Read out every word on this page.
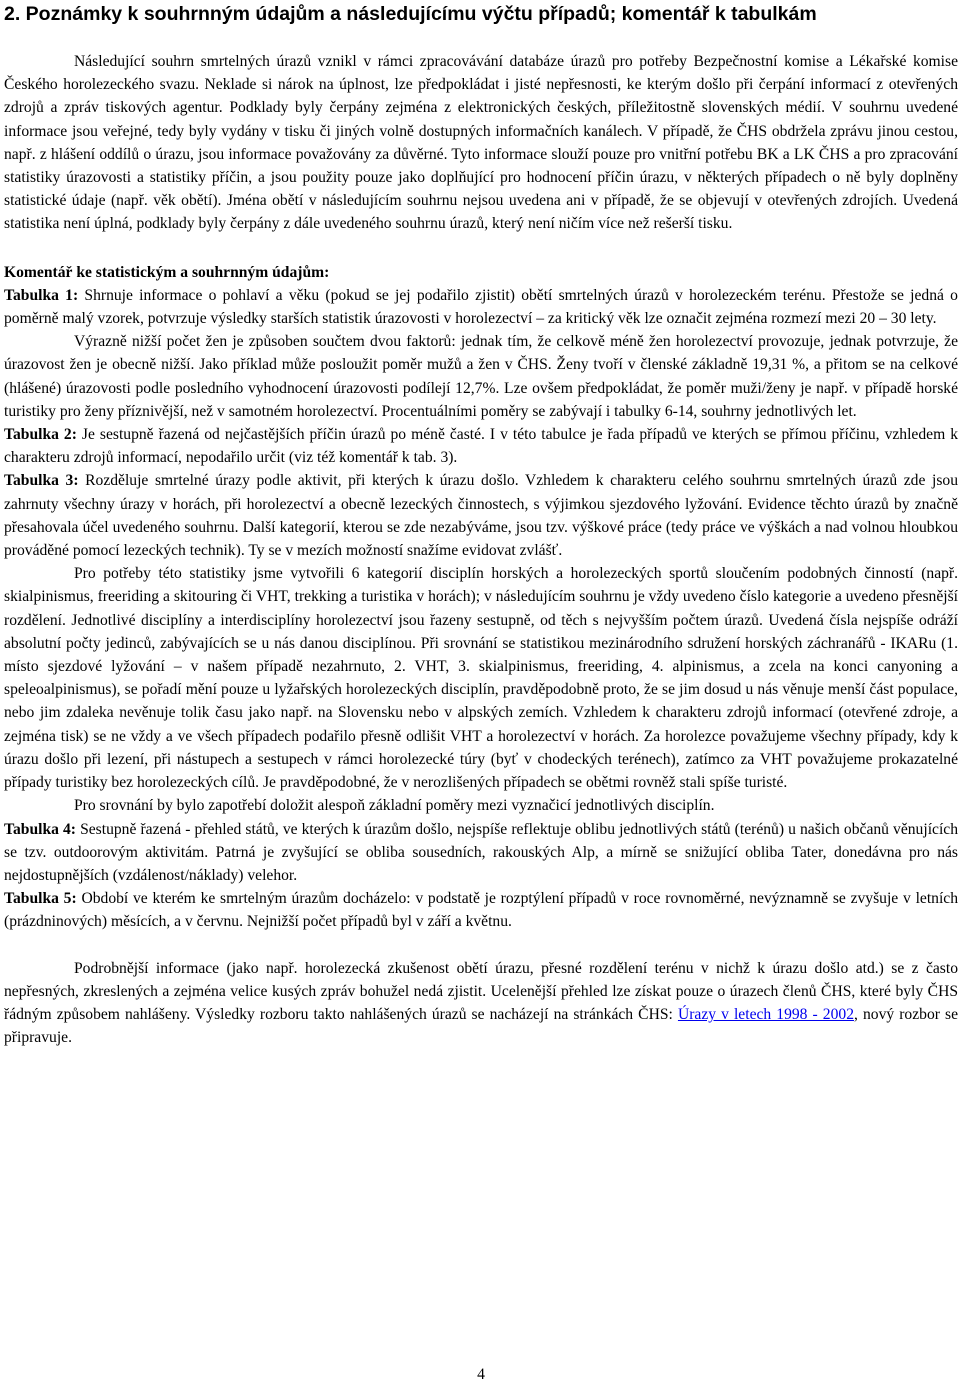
2. Poznámky k souhrnným údajům a následujícímu výčtu případů; komentář k tabulkám

Následující souhrn smrtelných úrazů vznikl v rámci zpracovávání databáze úrazů pro potřeby Bezpečnostní komise a Lékařské komise Českého horolezeckého svazu. Neklade si nárok na úplnost, lze předpokládat i jisté nepřesnosti, ke kterým došlo při čerpání informací z otevřených zdrojů a zpráv tiskových agentur. Podklady byly čerpány zejména z elektronických českých, příležitostně slovenských médií. V souhrnu uvedené informace jsou veřejné, tedy byly vydány v tisku či jiných volně dostupných informačních kanálech. V případě, že ČHS obdržela zprávu jinou cestou, např. z hlášení oddílů o úrazu, jsou informace považovány za důvěrné. Tyto informace slouží pouze pro vnitřní potřebu BK a LK ČHS a pro zpracování statistiky úrazovosti a statistiky příčin, a jsou použity pouze jako doplňující pro hodnocení příčin úrazu, v některých případech o ně byly doplněny statistické údaje (např. věk obětí). Jména obětí v následujícím souhrnu nejsou uvedena ani v případě, že se objevují v otevřených zdrojích. Uvedená statistika není úplná, podklady byly čerpány z dále uvedeného souhrnu úrazů, který není ničím více než rešerší tisku.

Komentář ke statistickým a souhrnným údajům:

Tabulka 1: Shrnuje informace o pohlaví a věku (pokud se jej podařilo zjistit) obětí smrtelných úrazů v horolezeckém terénu. Přestože se jedná o poměrně malý vzorek, potvrzuje výsledky starších statistik úrazovosti v horolezectví – za kritický věk lze označit zejména rozmezí mezi 20 – 30 lety.

Výrazně nižší počet žen je způsoben součtem dvou faktorů: jednak tím, že celkově méně žen horolezectví provozuje, jednak potvrzuje, že úrazovost žen je obecně nižší. Jako příklad může posloužit poměr mužů a žen v ČHS. Ženy tvoří v členské základně 19,31 %, a přitom se na celkové (hlášené) úrazovosti podle posledního vyhodnocení úrazovosti podílejí 12,7%. Lze ovšem předpokládat, že poměr muži/ženy je např. v případě horské turistiky pro ženy příznivější, než v samotném horolezectví. Procentuálními poměry se zabývají i tabulky 6-14, souhrny jednotlivých let.

Tabulka 2: Je sestupně řazená od nejčastějších příčin úrazů po méně časté. I v této tabulce je řada případů ve kterých se přímou příčinu, vzhledem k charakteru zdrojů informací, nepodařilo určit (viz též komentář k tab. 3).

Tabulka 3: Rozděluje smrtelné úrazy podle aktivit, při kterých k úrazu došlo. Vzhledem k charakteru celého souhrnu smrtelných úrazů zde jsou zahrnuty všechny úrazy v horách, při horolezectví a obecně lezeckých činnostech, s výjimkou sjezdového lyžování. Evidence těchto úrazů by značně přesahovala účel uvedeného souhrnu. Další kategorií, kterou se zde nezabýváme, jsou tzv. výškové práce (tedy práce ve výškách a nad volnou hloubkou prováděné pomocí lezeckých technik). Ty se v mezích možností snažíme evidovat zvlášť.

Pro potřeby této statistiky jsme vytvořili 6 kategorií disciplín horských a horolezeckých sportů sloučením podobných činností (např. skialpinismus, freeriding a skitouring či VHT, trekking a turistika v horách); v následujícím souhrnu je vždy uvedeno číslo kategorie a uvedeno přesnější rozdělení. Jednotlivé disciplíny a interdisciplíny horolezectví jsou řazeny sestupně, od těch s nejvyšším počtem úrazů. Uvedená čísla nejspíše odráží absolutní počty jedinců, zabývajících se u nás danou disciplínou. Při srovnání se statistikou mezinárodního sdružení horských záchranářů - IKARu (1. místo sjezdové lyžování – v našem případě nezahrnuto, 2. VHT, 3. skialpinismus, freeriding, 4. alpinismus, a zcela na konci canyoning a speleoalpinismus), se pořadí mění pouze u lyžařských horolezeckých disciplín, pravděpodobně proto, že se jim dosud u nás věnuje menší část populace, nebo jim zdaleka nevěnuje tolik času jako např. na Slovensku nebo v alpských zemích. Vzhledem k charakteru zdrojů informací (otevřené zdroje, a zejména tisk) se ne vždy a ve všech případech podařilo přesně odlišit VHT a horolezectví v horách. Za horolezce považujeme všechny případy, kdy k úrazu došlo při lezení, při nástupech a sestupech v rámci horolezecké túry (byť v chodeckých terénech), zatímco za VHT považujeme prokazatelné případy turistiky bez horolezeckých cílů. Je pravděpodobné, že v nerozlišených případech se obětmi rovněž stali spíše turisté.

Pro srovnání by bylo zapotřebí doložit alespoň základní poměry mezi vyznačicí jednotlivých disciplín.

Tabulka 4: Sestupně řazená - přehled států, ve kterých k úrazům došlo, nejspíše reflektuje oblibu jednotlivých států (terénů) u našich občanů věnujících se tzv. outdoorovým aktivitám. Patrná je zvyšující se obliba sousedních, rakouských Alp, a mírně se snižující obliba Tater, donedávna pro nás nejdostupnějších (vzdálenost/náklady) velehor.

Tabulka 5: Období ve kterém ke smrtelným úrazům docházelo: v podstatě je rozptýlení případů v roce rovnoměrné, nevýznamně se zvyšuje v letních (prázdninových) měsících, a v červnu. Nejnižší počet případů byl v září a květnu.

Podrobnější informace (jako např. horolezecká zkušenost obětí úrazu, přesné rozdělení terénu v nichž k úrazu došlo atd.) se z často nepřesných, zkreslených a zejména velice kusých zpráv bohužel nedá zjistit. Ucelenější přehled lze získat pouze o úrazech členů ČHS, které byly ČHS řádným způsobem nahlášeny. Výsledky rozboru takto nahlášených úrazů se nacházejí na stránkách ČHS: Úrazy v letech 1998 - 2002, nový rozbor se připravuje.

4
